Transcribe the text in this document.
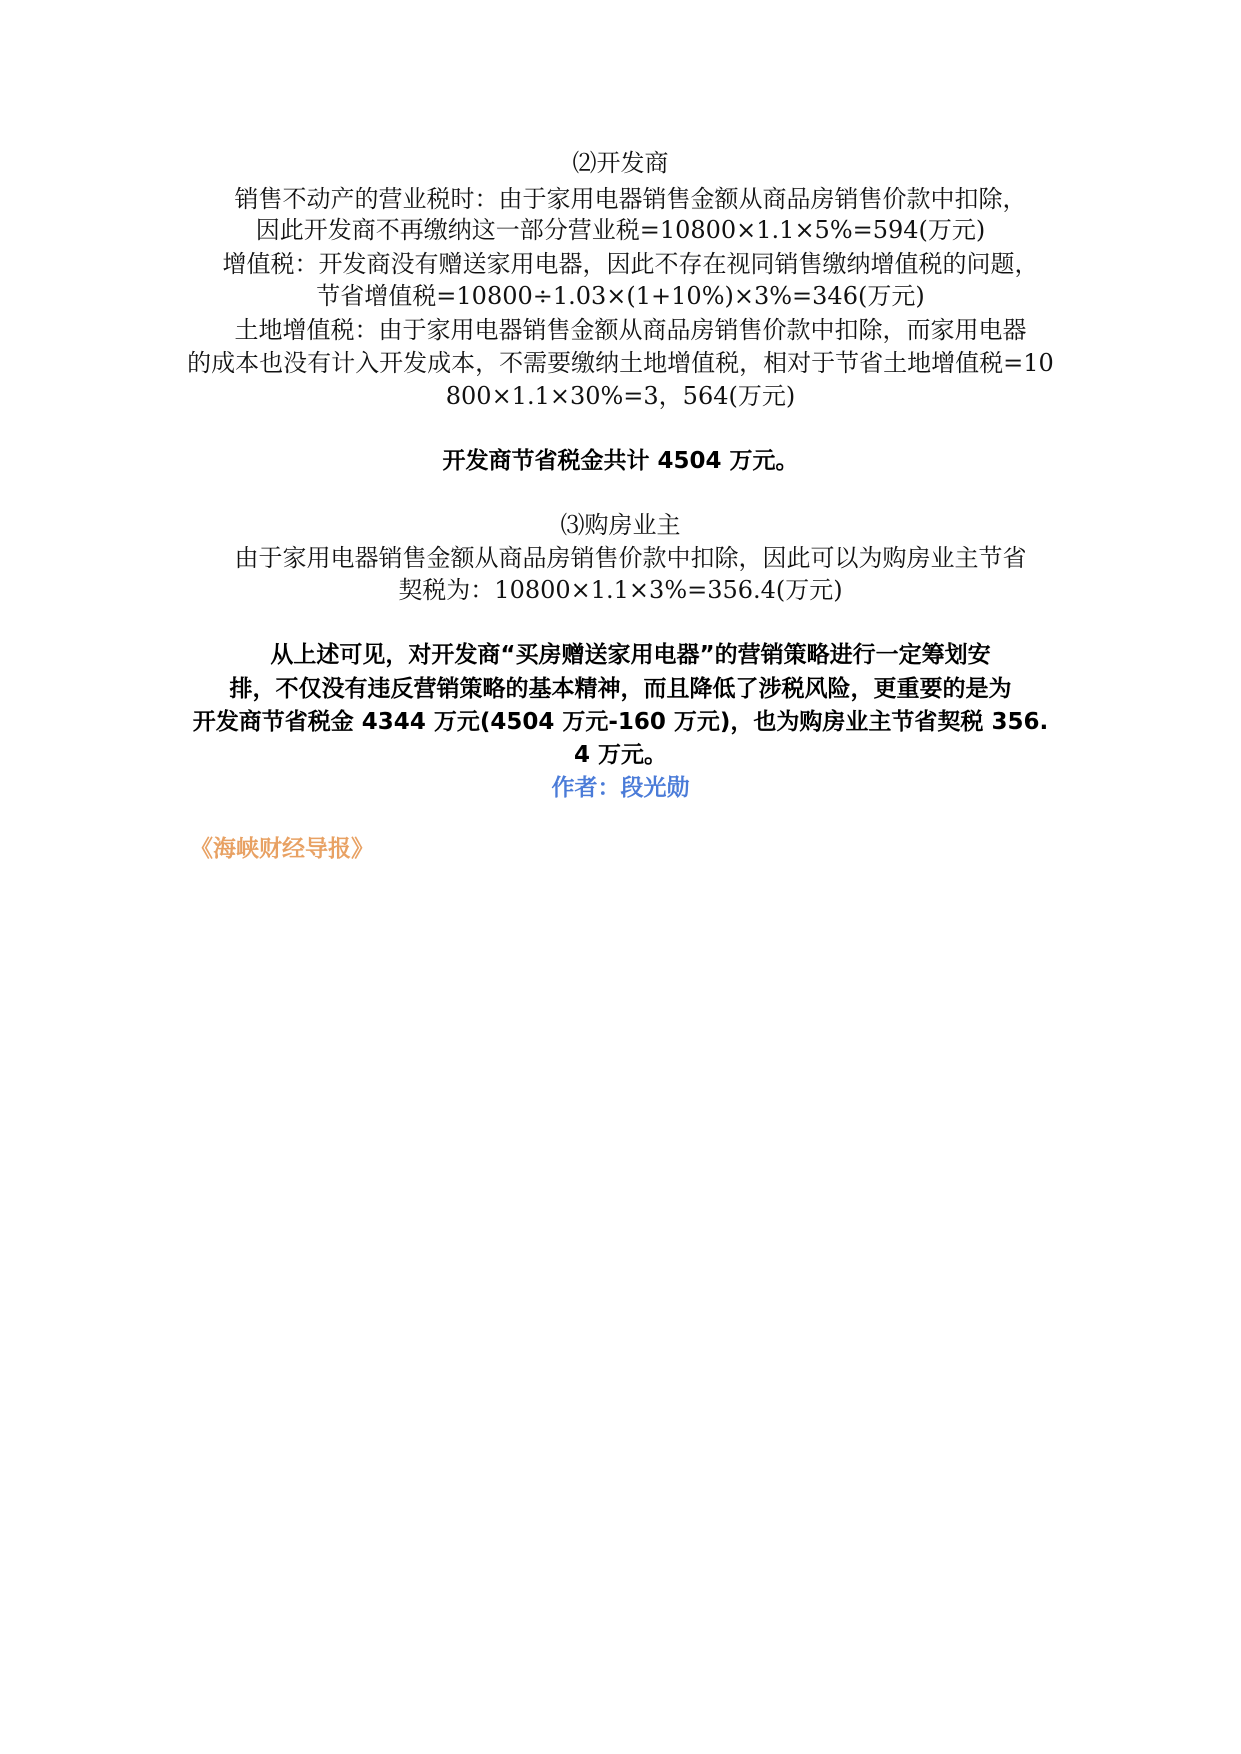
⑵开发商
销售不动产的营业税时：由于家用电器销售金额从商品房销售价款中扣除，
因此开发商不再缴纳这一部分营业税=10800×1.1×5%=594(万元)
增值税：开发商没有赠送家用电器，因此不存在视同销售缴纳增值税的问题，
节省增值税=10800÷1.03×(1+10%)×3%=346(万元)
土地增值税：由于家用电器销售金额从商品房销售价款中扣除，而家用电器
的成本也没有计入开发成本，不需要缴纳土地增值税，相对于节省土地增值税=10
800×1.1×30%=3，564(万元)
开发商节省税金共计 4504 万元。
⑶购房业主
由于家用电器销售金额从商品房销售价款中扣除，因此可以为购房业主节省
契税为：10800×1.1×3%=356.4(万元)
从上述可见，对开发商“买房赠送家用电器”的营销策略进行一定筹划安
排，不仅没有违反营销策略的基本精神，而且降低了涉税风险，更重要的是为
开发商节省税金 4344 万元(4504 万元-160 万元)，也为购房业主节省契税 356.
4 万元。
作者：段光勋
《海峡财经导报》
